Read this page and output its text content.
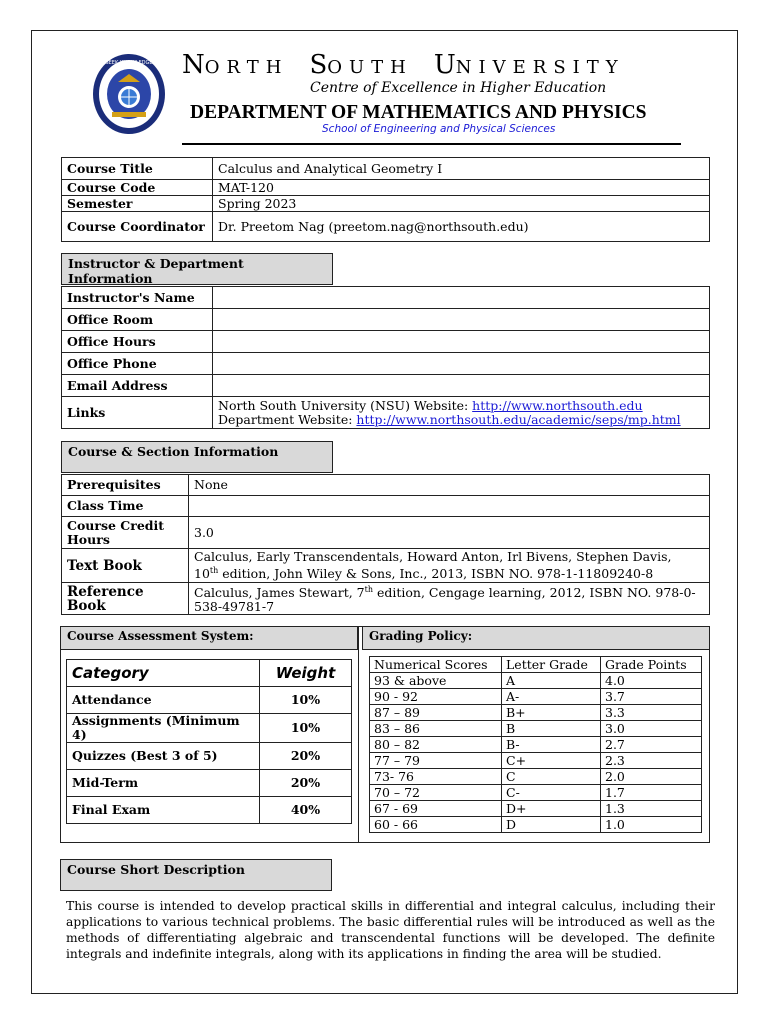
SEEK KNOWLEDGE NORTH SOUTH UNIVERSITY
Centre of Excellence in Higher Education
DEPARTMENT OF MATHEMATICS AND PHYSICS
School of Engineering and Physical Sciences
Course Title	Calculus and Analytical Geometry I
Course Code	MAT-120
Semester	Spring 2023
Course Coordinator	Dr. Preetom Nag (preetom.nag@northsouth.edu)
Instructor & Department Information
Instructor's Name	
Office Room	
Office Hours	
Office Phone	
Email Address	
Links	North South University (NSU) Website: http://www.northsouth.edu
Department Website: http://www.northsouth.edu/academic/seps/mp.html
Course & Section Information
Prerequisites	None
Class Time	
Course Credit Hours	3.0
Text Book	Calculus, Early Transcendentals, Howard Anton, Irl Bivens, Stephen Davis,
10th edition, John Wiley & Sons, Inc., 2013, ISBN NO. 978-1-11809240-8

Reference Book	Calculus, James Stewart, 7th edition, Cengage learning, 2012, ISBN NO. 978-0-538-49781-7
Course Assessment System:	Grading Policy:
Category	Weight
Attendance	10%
Assignments (Minimum 4)	10%
Quizzes (Best 3 of 5)	20%
Mid-Term	20%
Final Exam	40%
Numerical Scores	Letter Grade	Grade Points
93 & above	A	4.0
90 - 92	A-	3.7
87 – 89	B+	3.3
83 – 86	B	3.0
80 – 82	B-	2.7
77 – 79	C+	2.3
73- 76	C	2.0
70 – 72	C-	1.7
67 - 69	D+	1.3
60 - 66	D	1.0
Course Short Description
This course is intended to develop practical skills in differential and integral calculus, including their applications to various technical problems. The basic differential rules will be introduced as well as the methods of differentiating algebraic and transcendental functions will be developed. The definite integrals and indefinite integrals, along with its applications in finding the area will be studied.
